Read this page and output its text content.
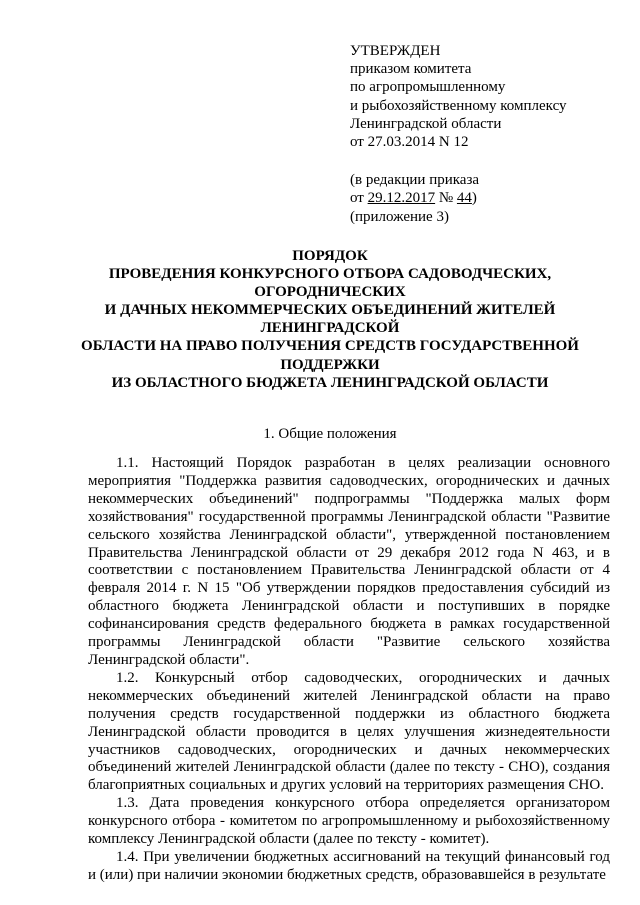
УТВЕРЖДЕН
приказом комитета
по агропромышленному
и рыбохозяйственному комплексу
Ленинградской области
от 27.03.2014 N 12
(в редакции приказа
от 29.12.2017 № 44)
(приложение 3)
ПОРЯДОК
ПРОВЕДЕНИЯ КОНКУРСНОГО ОТБОРА САДОВОДЧЕСКИХ,
ОГОРОДНИЧЕСКИХ
И ДАЧНЫХ НЕКОММЕРЧЕСКИХ ОБЪЕДИНЕНИЙ ЖИТЕЛЕЙ
ЛЕНИНГРАДСКОЙ
ОБЛАСТИ НА ПРАВО ПОЛУЧЕНИЯ СРЕДСТВ ГОСУДАРСТВЕННОЙ
ПОДДЕРЖКИ
ИЗ ОБЛАСТНОГО БЮДЖЕТА ЛЕНИНГРАДСКОЙ ОБЛАСТИ
1. Общие положения

1.1. Настоящий Порядок разработан в целях реализации основного мероприятия "Поддержка развития садоводческих, огороднических и дачных некоммерческих объединений" подпрограммы "Поддержка малых форм хозяйствования" государственной программы Ленинградской области "Развитие сельского хозяйства Ленинградской области", утвержденной постановлением Правительства Ленинградской области от 29 декабря 2012 года N 463, и в соответствии с постановлением Правительства Ленинградской области от 4 февраля 2014 г. N 15 "Об утверждении порядков предоставления субсидий из областного бюджета Ленинградской области и поступивших в порядке софинансирования средств федерального бюджета в рамках государственной программы Ленинградской области "Развитие сельского хозяйства Ленинградской области".

1.2. Конкурсный отбор садоводческих, огороднических и дачных некоммерческих объединений жителей Ленинградской области на право получения средств государственной поддержки из областного бюджета Ленинградской области проводится в целях улучшения жизнедеятельности участников садоводческих, огороднических и дачных некоммерческих объединений жителей Ленинградской области (далее по тексту - СНО), создания благоприятных социальных и других условий на территориях размещения СНО.

1.3. Дата проведения конкурсного отбора определяется организатором конкурсного отбора - комитетом по агропромышленному и рыбохозяйственному комплексу Ленинградской области (далее по тексту - комитет).

1.4. При увеличении бюджетных ассигнований на текущий финансовый год и (или) при наличии экономии бюджетных средств, образовавшейся в результате
